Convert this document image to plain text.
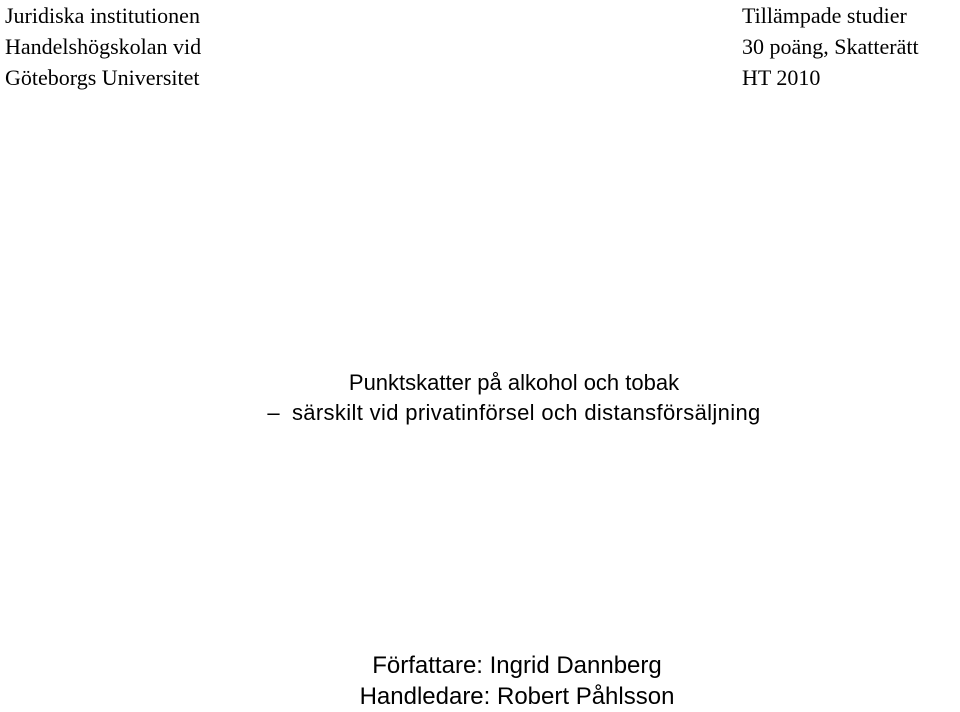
Juridiska institutionen
Handelshögskolan vid
Göteborgs Universitet
Tillämpade studier
30 poäng, Skatterätt
HT 2010
Punktskatter på alkohol och tobak
– särskilt vid privatinförsel och distansförsäljning
Författare: Ingrid Dannberg
Handledare: Robert Påhlsson
